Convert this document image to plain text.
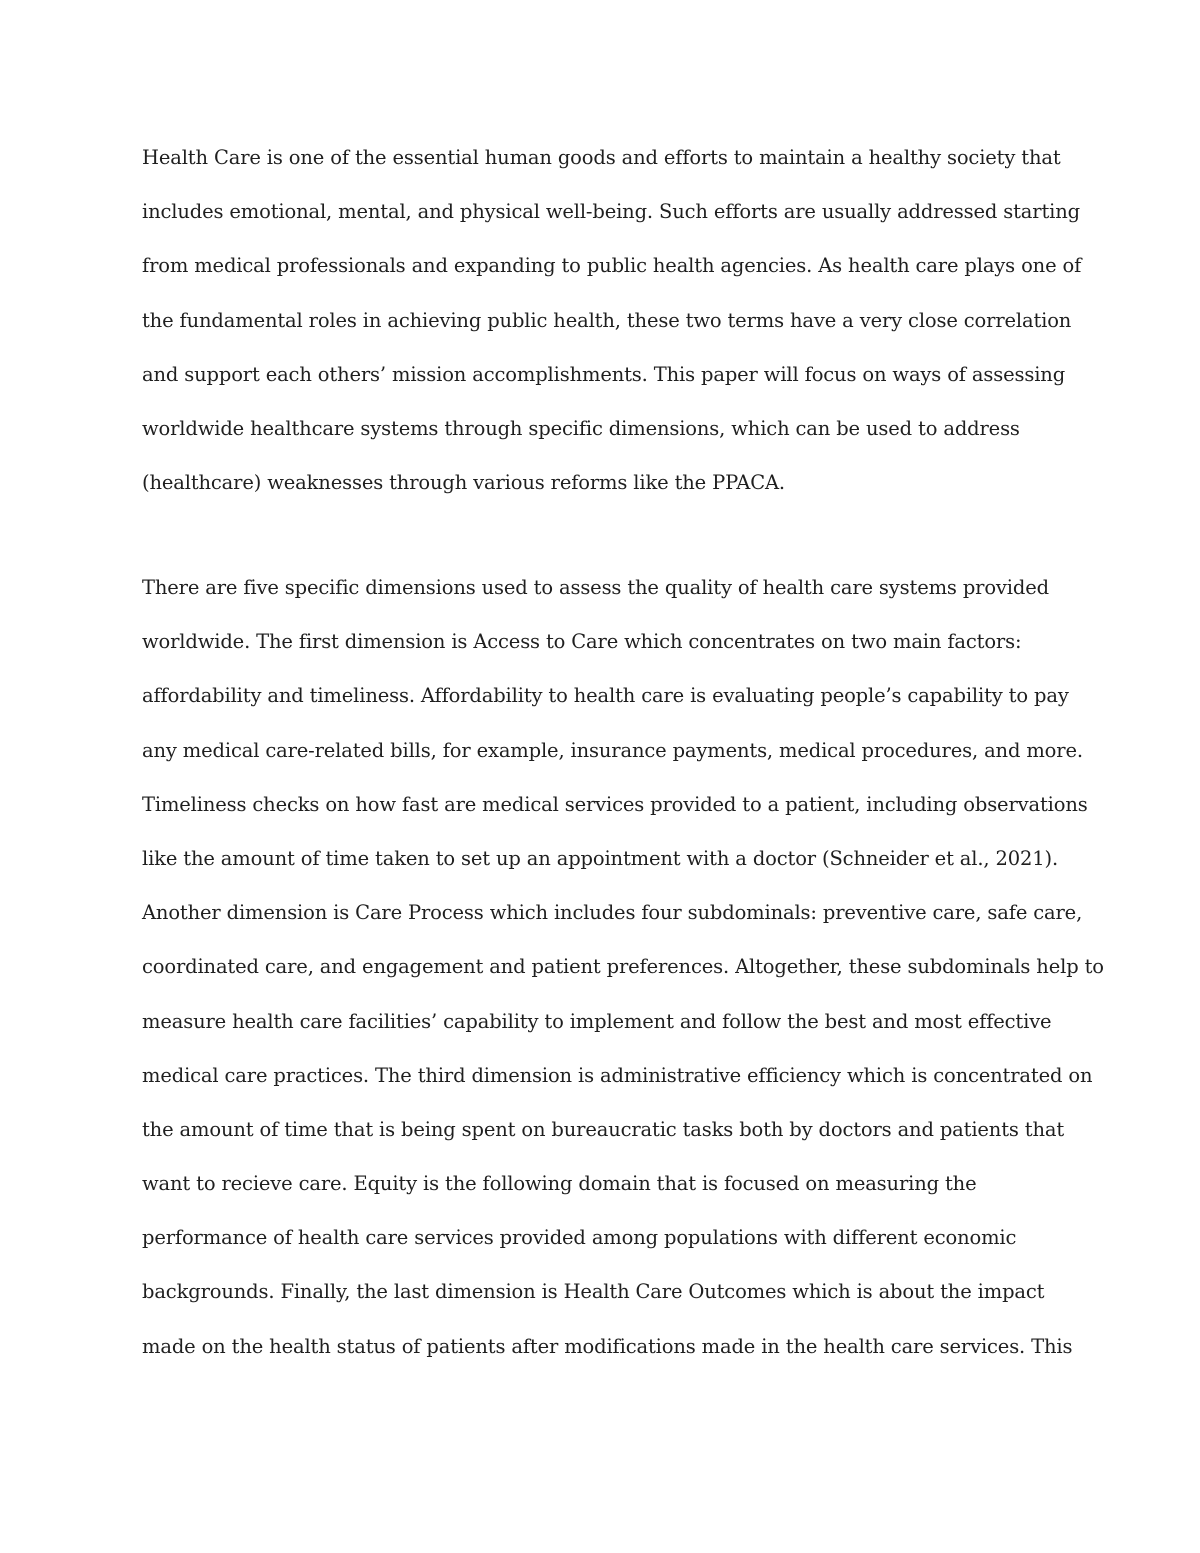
Health Care is one of the essential human goods and efforts to maintain a healthy society that
includes emotional, mental, and physical well-being. Such efforts are usually addressed starting
from medical professionals and expanding to public health agencies. As health care plays one of
the fundamental roles in achieving public health, these two terms have a very close correlation
and support each others’ mission accomplishments. This paper will focus on ways of assessing
worldwide healthcare systems through specific dimensions, which can be used to address
(healthcare) weaknesses through various reforms like the PPACA.
There are five specific dimensions used to assess the quality of health care systems provided
worldwide. The first dimension is Access to Care which concentrates on two main factors:
affordability and timeliness. Affordability to health care is evaluating people’s capability to pay
any medical care-related bills, for example, insurance payments, medical procedures, and more.
Timeliness checks on how fast are medical services provided to a patient, including observations
like the amount of time taken to set up an appointment with a doctor (Schneider et al., 2021).
Another dimension is Care Process which includes four subdominals: preventive care, safe care,
coordinated care, and engagement and patient preferences. Altogether, these subdominals help to
measure health care facilities’ capability to implement and follow the best and most effective
medical care practices. The third dimension is administrative efficiency which is concentrated on
the amount of time that is being spent on bureaucratic tasks both by doctors and patients that
want to recieve care. Equity is the following domain that is focused on measuring the
performance of health care services provided among populations with different economic
backgrounds. Finally, the last dimension is Health Care Outcomes which is about the impact
made on the health status of patients after modifications made in the health care services. This
